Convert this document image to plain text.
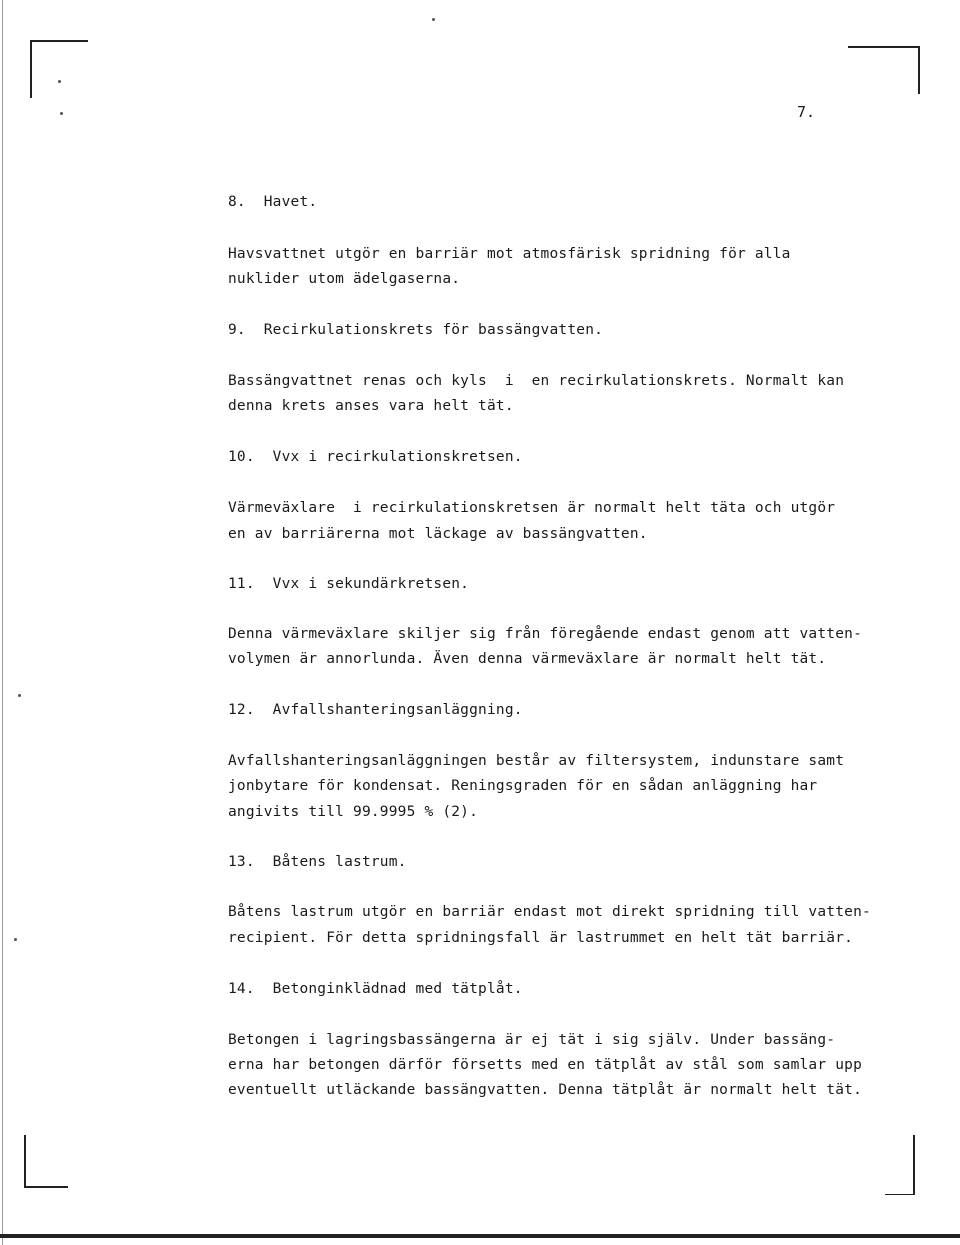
7.
8.  Havet.
Havsvattnet utgör en barriär mot atmosfärisk spridning för alla
nuklider utom ädelgaserna.
9.  Recirkulationskrets för bassängvatten.
Bassängvattnet renas och kyls  i  en recirkulationskrets. Normalt kan
denna krets anses vara helt tät.
10.  Vvx i recirkulationskretsen.
Värmeväxlare  i recirkulationskretsen är normalt helt täta och utgör
en av barriärerna mot läckage av bassängvatten.
11.  Vvx i sekundärkretsen.
Denna värmeväxlare skiljer sig från föregående endast genom att vatten-
volymen är annorlunda. Även denna värmeväxlare är normalt helt tät.
12.  Avfallshanteringsanläggning.
Avfallshanteringsanläggningen består av filtersystem, indunstare samt
jonbytare för kondensat. Reningsgraden för en sådan anläggning har
angivits till 99.9995 % (2).
13.  Båtens lastrum.
Båtens lastrum utgör en barriär endast mot direkt spridning till vatten-
recipient. För detta spridningsfall är lastrummet en helt tät barriär.
14.  Betonginklädnad med tätplåt.
Betongen i lagringsbassängerna är ej tät i sig själv. Under bassäng-
erna har betongen därför försetts med en tätplåt av stål som samlar upp
eventuellt utläckande bassängvatten. Denna tätplåt är normalt helt tät.
